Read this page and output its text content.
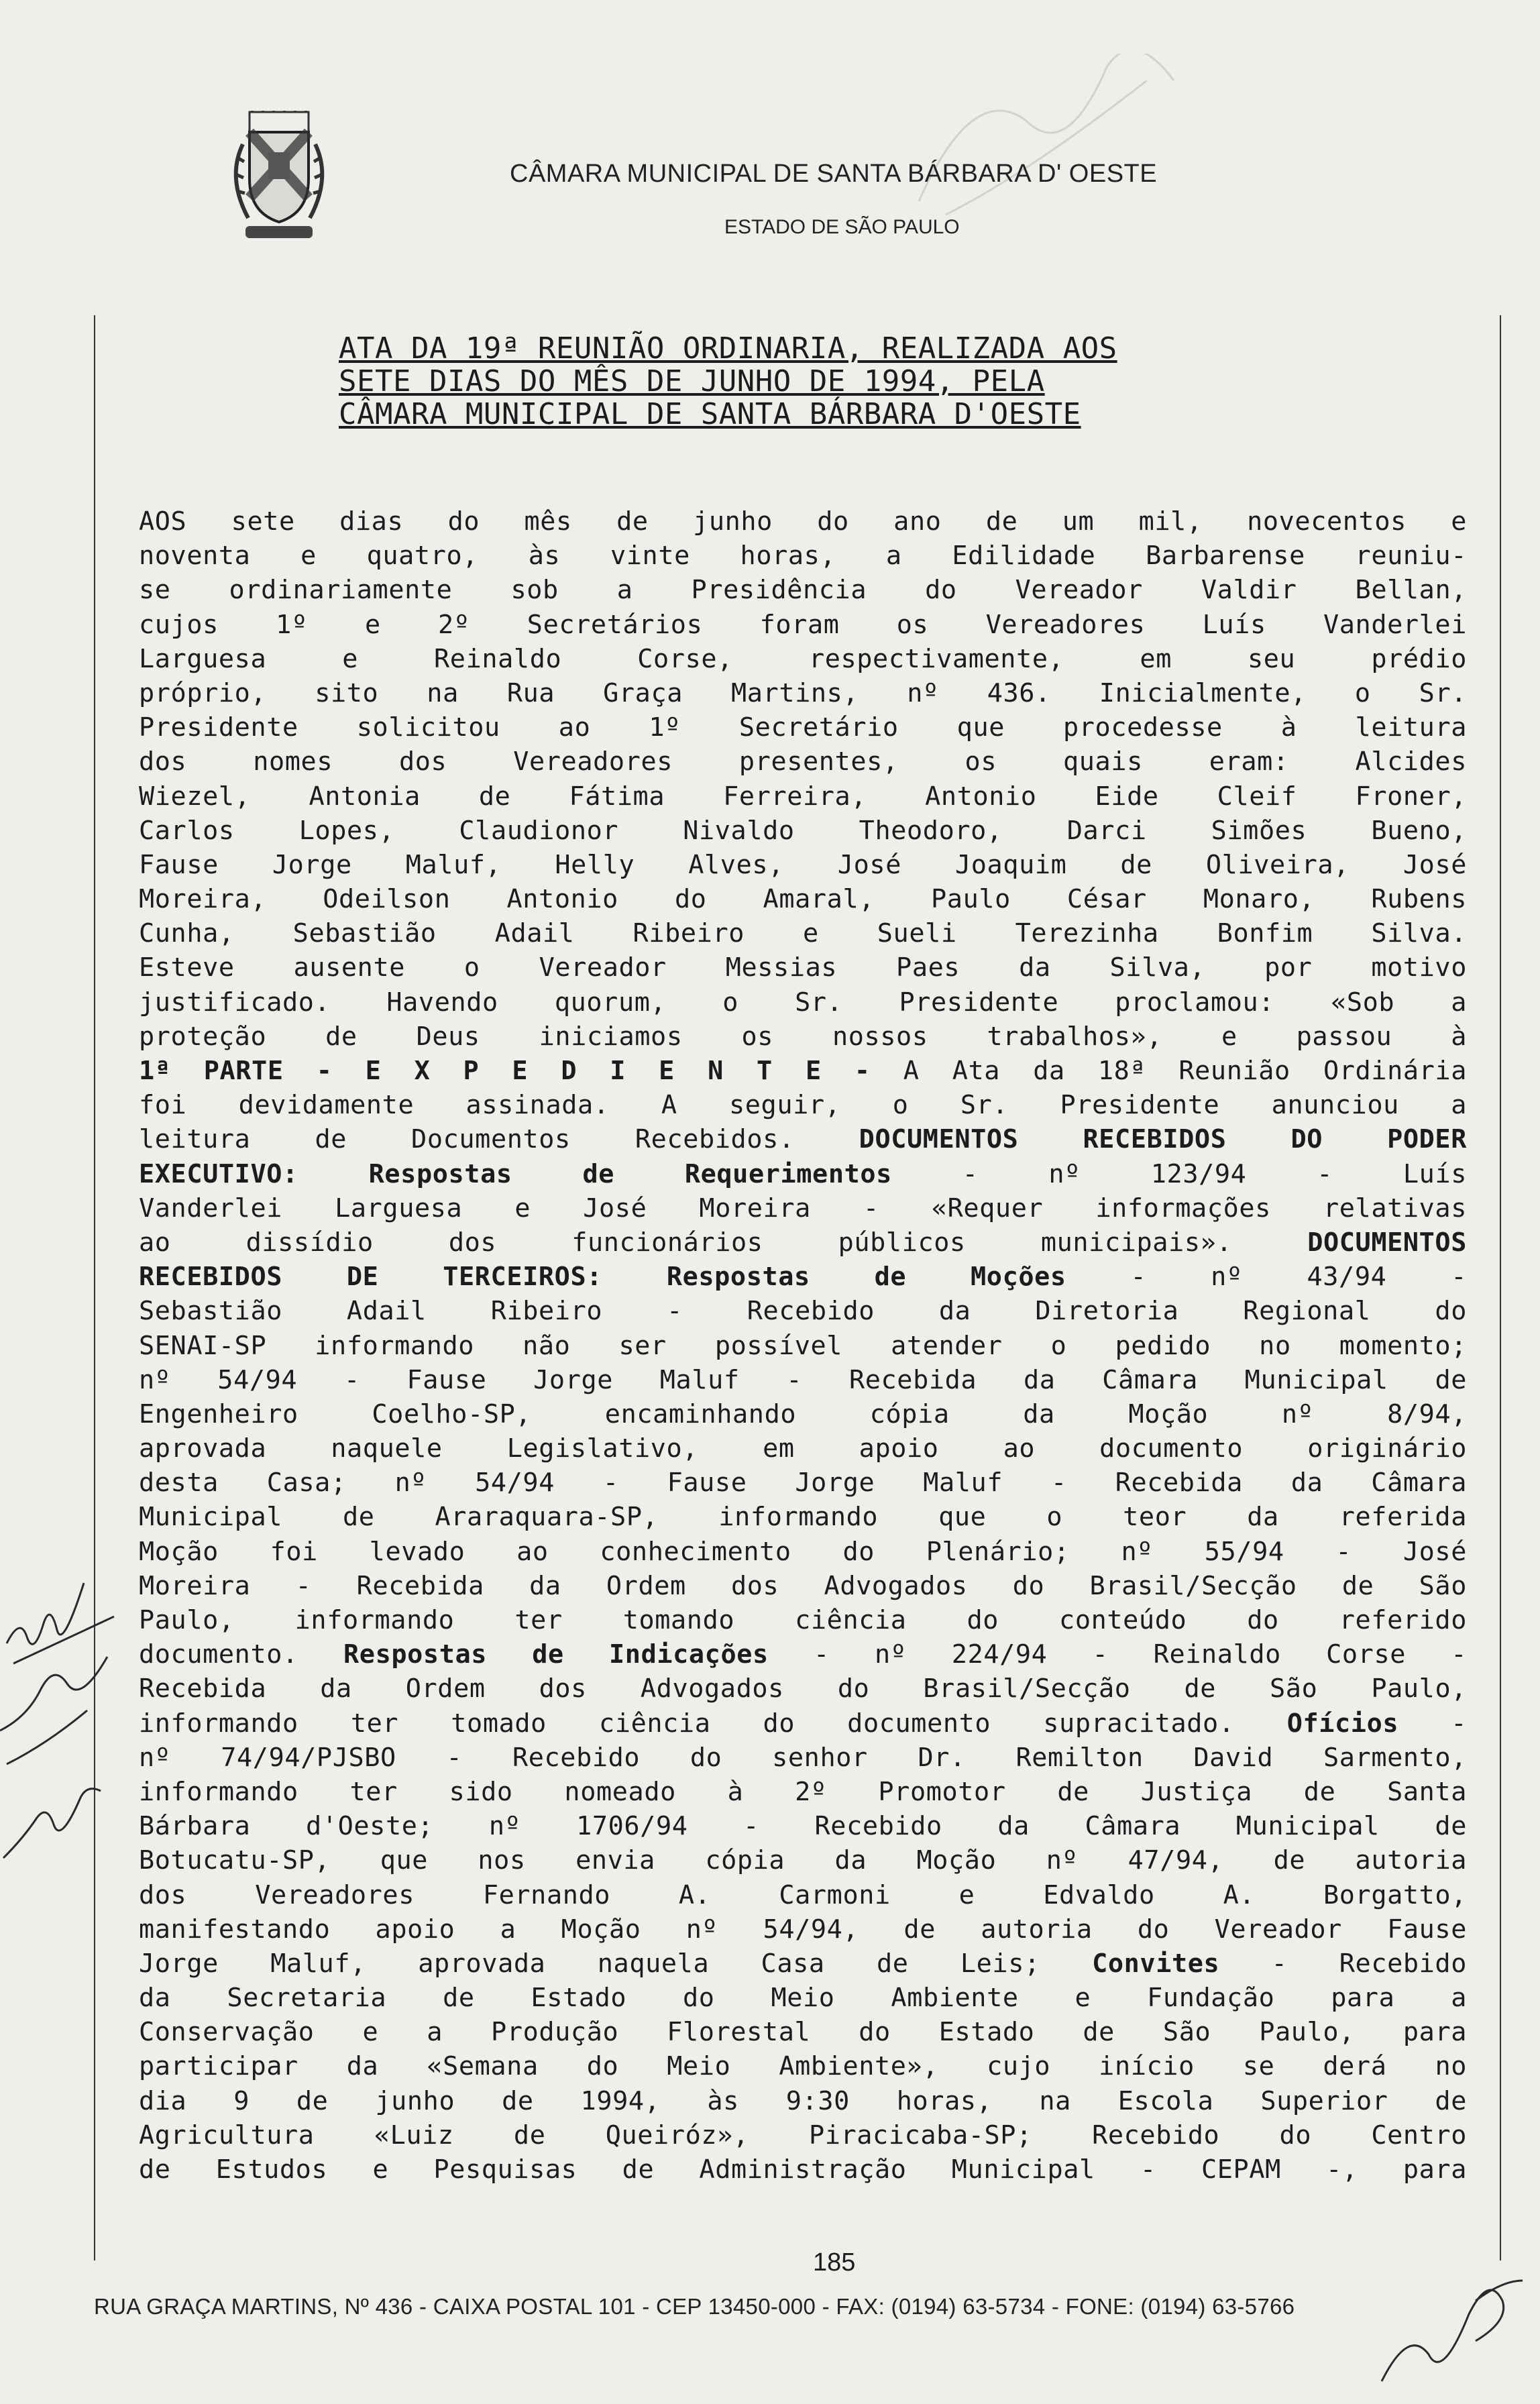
CÂMARA MUNICIPAL DE SANTA BÁRBARA D' OESTE
ESTADO DE SÃO PAULO
ATA DA 19ª REUNIÃO ORDINARIA, REALIZADA AOS
SETE DIAS DO MÊS DE JUNHO DE 1994, PELA
CÂMARA MUNICIPAL DE SANTA BÁRBARA D'OESTE

AOS sete dias do mês de junho do ano de um mil, novecentos e

noventa e quatro, às vinte horas, a Edilidade Barbarense reuniu-

se ordinariamente sob a Presidência do Vereador Valdir Bellan,

cujos 1º e 2º Secretários foram os Vereadores Luís Vanderlei

Larguesa e Reinaldo Corse, respectivamente, em seu prédio

próprio, sito na Rua Graça Martins, nº 436. Inicialmente, o Sr.

Presidente solicitou ao 1º Secretário que procedesse à leitura

dos nomes dos Vereadores presentes, os quais eram: Alcides

Wiezel, Antonia de Fátima Ferreira, Antonio Eide Cleif Froner,

Carlos Lopes, Claudionor Nivaldo Theodoro, Darci Simões Bueno,

Fause Jorge Maluf, Helly Alves, José Joaquim de Oliveira, José

Moreira, Odeilson Antonio do Amaral, Paulo César Monaro, Rubens

Cunha, Sebastião Adail Ribeiro e Sueli Terezinha Bonfim Silva.

Esteve ausente o Vereador Messias Paes da Silva, por motivo

justificado. Havendo quorum, o Sr. Presidente proclamou: «Sob a

proteção de Deus iniciamos os nossos trabalhos», e passou à

1ª PARTE - E X P E D I E N T E - A Ata da 18ª Reunião Ordinária

foi devidamente assinada. A seguir, o Sr. Presidente anunciou a

leitura de Documentos Recebidos. DOCUMENTOS RECEBIDOS DO PODER

EXECUTIVO: Respostas de Requerimentos - nº 123/94 - Luís

Vanderlei Larguesa e José Moreira - «Requer informações relativas

ao dissídio dos funcionários públicos municipais». DOCUMENTOS

RECEBIDOS DE TERCEIROS: Respostas de Moções - nº 43/94 -

Sebastião Adail Ribeiro - Recebido da Diretoria Regional do

SENAI-SP informando não ser possível atender o pedido no momento;

nº 54/94 - Fause Jorge Maluf - Recebida da Câmara Municipal de

Engenheiro Coelho-SP, encaminhando cópia da Moção nº 8/94,

aprovada naquele Legislativo, em apoio ao documento originário

desta Casa; nº 54/94 - Fause Jorge Maluf - Recebida da Câmara

Municipal de Araraquara-SP, informando que o teor da referida

Moção foi levado ao conhecimento do Plenário; nº 55/94 - José

Moreira - Recebida da Ordem dos Advogados do Brasil/Secção de São

Paulo, informando ter tomando ciência do conteúdo do referido

documento. Respostas de Indicações - nº 224/94 - Reinaldo Corse -

Recebida da Ordem dos Advogados do Brasil/Secção de São Paulo,

informando ter tomado ciência do documento supracitado. Ofícios -

nº 74/94/PJSBO - Recebido do senhor Dr. Remilton David Sarmento,

informando ter sido nomeado à 2º Promotor de Justiça de Santa

Bárbara d'Oeste; nº 1706/94 - Recebido da Câmara Municipal de

Botucatu-SP, que nos envia cópia da Moção nº 47/94, de autoria

dos Vereadores Fernando A. Carmoni e Edvaldo A. Borgatto,

manifestando apoio a Moção nº 54/94, de autoria do Vereador Fause

Jorge Maluf, aprovada naquela Casa de Leis; Convites - Recebido

da Secretaria de Estado do Meio Ambiente e Fundação para a

Conservação e a Produção Florestal do Estado de São Paulo, para

participar da «Semana do Meio Ambiente», cujo início se derá no

dia 9 de junho de 1994, às 9:30 horas, na Escola Superior de

Agricultura «Luiz de Queiróz», Piracicaba-SP; Recebido do Centro

de Estudos e Pesquisas de Administração Municipal - CEPAM -, para

185
RUA GRAÇA MARTINS, Nº 436 - CAIXA POSTAL 101 - CEP 13450-000 - FAX: (0194) 63-5734 - FONE: (0194) 63-5766
